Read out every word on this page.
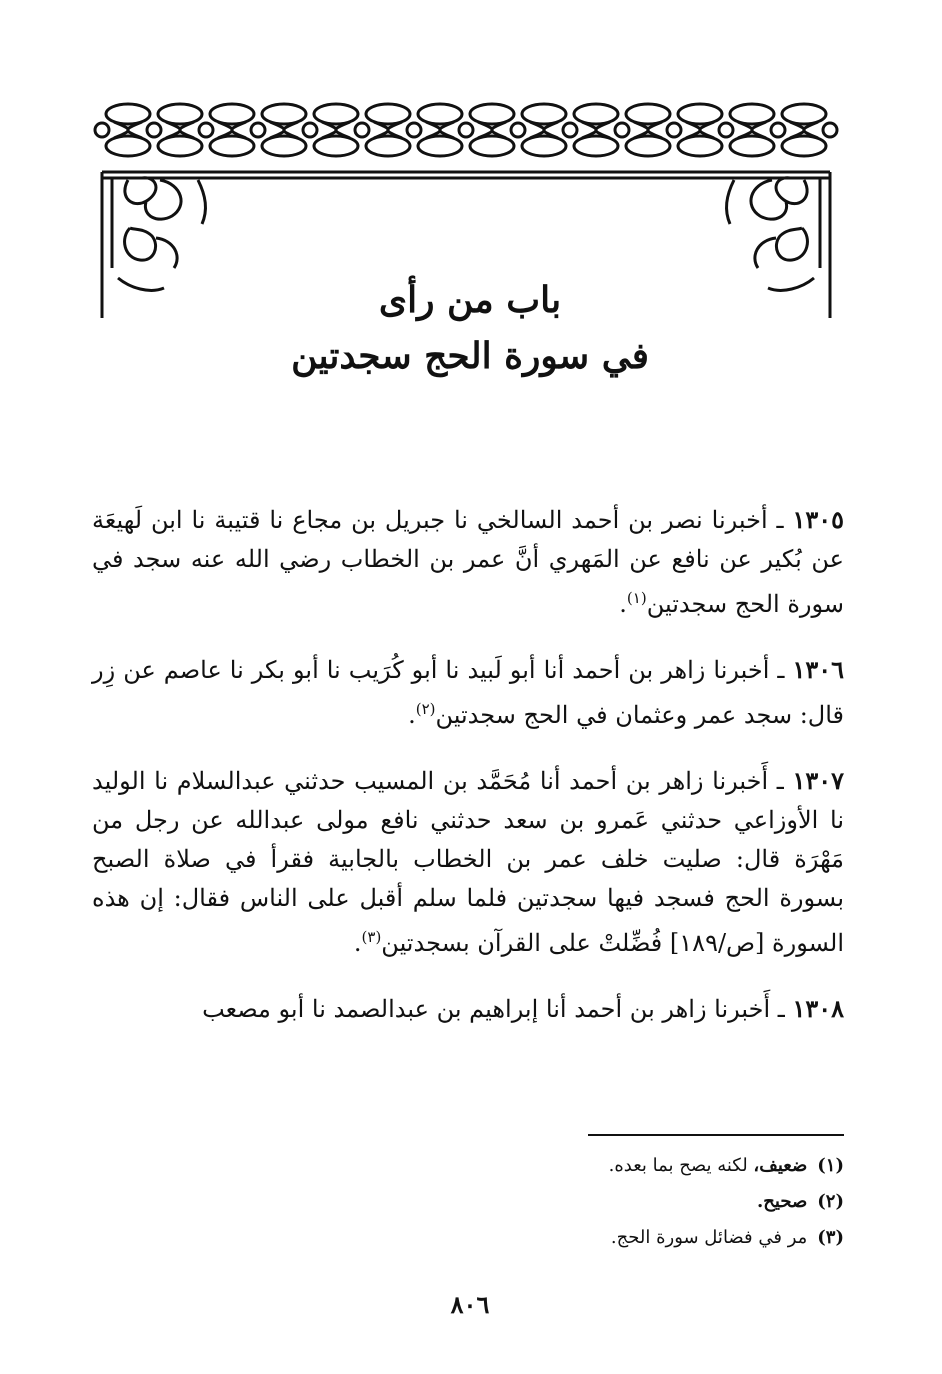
باب من رأى
في سورة الحج سجدتين

١٣٠٥ ـ أخبرنا نصر بن أحمد السالخي نا جبريل بن مجاع نا قتيبة نا ابن لَهيعَة عن بُكير عن نافع عن المَهري أنَّ عمر بن الخطاب رضي الله عنه سجد في سورة الحج سجدتين$^{(١)}$.

١٣٠٦ ـ أخبرنا زاهر بن أحمد أنا أبو لَبيد نا أبو كُرَيب نا أبو بكر نا عاصم عن زِر قال: سجد عمر وعثمان في الحج سجدتين$^{(٢)}$.

١٣٠٧ ـ أَخبرنا زاهر بن أحمد أنا مُحَمَّد بن المسيب حدثني عبدالسلام نا الوليد نا الأوزاعي حدثني عَمرو بن سعد حدثني نافع مولى عبدالله عن رجل من مَهْرَة قال: صليت خلف عمر بن الخطاب بالجابية فقرأ في صلاة الصبح بسورة الحج فسجد فيها سجدتين فلما سلم أقبل على الناس فقال: إن هذه السورة [ص/١٨٩] فُضِّلتْ على القرآن بسجدتين$^{(٣)}$.

١٣٠٨ ـ أَخبرنا زاهر بن أحمد أنا إبراهيم بن عبدالصمد نا أبو مصعب

(١)ضعيف، لكنه يصح بما بعده.
(٢)صحيح.
(٣)مر في فضائل سورة الحج.
٨٠٦
